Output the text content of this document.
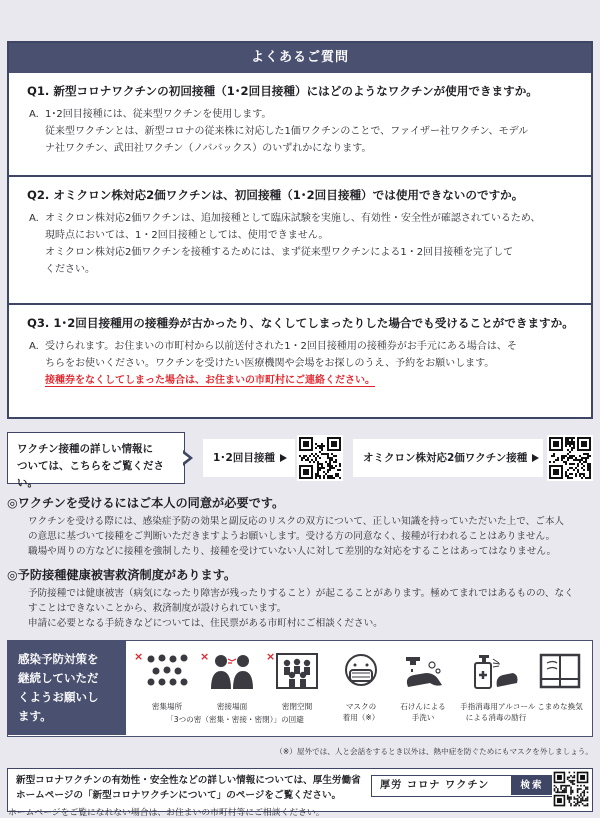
よくあるご質問
Q1. 新型コロナワクチンの初回接種（1･2回目接種）にはどのようなワクチンが使用できますか。
A. 1･2回目接種には、従来型ワクチンを使用します。

従来型ワクチンとは、新型コロナの従来株に対応した1価ワクチンのことで、ファイザー社ワクチン、モデル

ナ社ワクチン、武田社ワクチン（ノババックス）のいずれかになります。

Q2. オミクロン株対応2価ワクチンは、初回接種（1･2回目接種）では使用できないのですか。
A. オミクロン株対応2価ワクチンは、追加接種として臨床試験を実施し、有効性・安全性が確認されているため、

現時点においては、1・2回目接種としては、使用できません。

オミクロン株対応2価ワクチンを接種するためには、まず従来型ワクチンによる1・2回目接種を完了して

ください。

Q3. 1･2回目接種用の接種券が古かったり、なくしてしまったりした場合でも受けることができますか。
A. 受けられます。お住まいの市町村から以前送付された1・2回目接種用の接種券がお手元にある場合は、そ

ちらをお使いください。ワクチンを受けたい医療機関や会場をお探しのうえ、予約をお願いします。

接種券をなくしてしまった場合は、お住まいの市町村にご連絡ください。

ワクチン接種の詳しい情報に
ついては、こちらをご覧ください。
1･2回目接種	オミクロン株対応2価ワクチン接種
◎ワクチンを受けるにはご本人の同意が必要です。

ワクチンを受ける際には、感染症予防の効果と副反応のリスクの双方について、正しい知識を持っていただいた上で、ご本人

の意思に基づいて接種をご判断いただきますようお願いします。受ける方の同意なく、接種が行われることはありません。

職場や周りの方などに接種を強制したり、接種を受けていない人に対して差別的な対応をすることはあってはなりません。

◎予防接種健康被害救済制度があります。

予防接種では健康被害（病気になったり障害が残ったりすること）が起こることがあります。極めてまれではあるものの、なく

すことはできないことから、救済制度が設けられています。

申請に必要となる手続きなどについては、住民票がある市町村にご相談ください。

感染予防対策を
継続していただ
くようお願いし
ます。
×
密集場所
×
密接場面
×
密閉空間
「3つの密（密集・密接・密閉）」の回避
マスクの
着用（※）
石けんによる
手洗い
手指消毒用アルコール
による消毒の励行
こまめな換気
（※）屋外では、人と会話をするとき以外は、熱中症を防ぐためにもマスクを外しましょう。
新型コロナワクチンの有効性・安全性などの詳しい情報については、厚生労働省
ホームページの「新型コロナワクチンについて」のページをご覧ください。
厚労 コロナ ワクチン	検索
ホームページをご覧になれない場合は、お住まいの市町村等にご相談ください。
